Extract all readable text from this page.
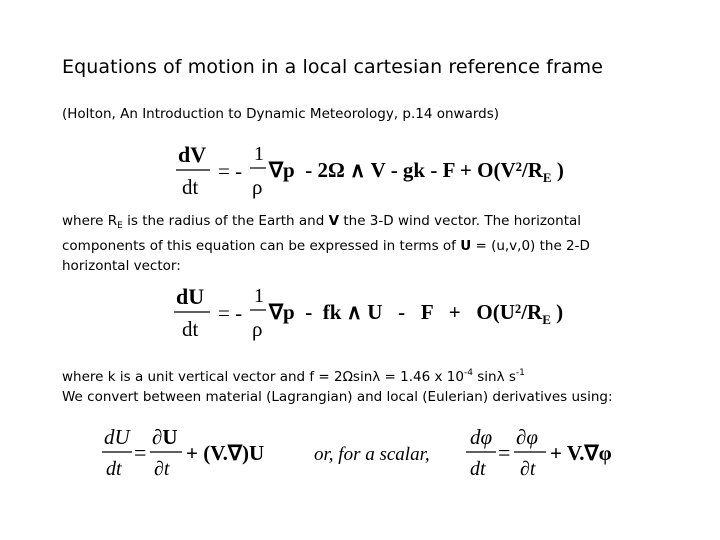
Equations of motion in a local cartesian reference frame
(Holton, An Introduction to Dynamic Meteorology, p.14 onwards)
dV
dt
= -
1
ρ
∇p  - 2Ω ∧ V - gk - $F + O(V^2/R_E$ )
where $R_E$ is the radius of the Earth and V the 3-D wind vector. The horizontal
components of this equation can be expressed in terms of U = (u,v,0) the 2-D
horizontal vector:
dU
dt
= -
1
ρ
∇p  -  fk ∧ $U - F + O(U^2/R_E$ )
where k is a unit vertical vector and f = 2Ωsinλ = 1.46 x $10^{-4}$ sinλ $s^{-1}$
We convert between material (Lagrangian) and local (Eulerian) derivatives using:
dU
dt
=
∂U
∂t
+ (V.∇)U	or, for a scalar,
dφ
dt
=
∂φ
∂t
+ V.∇φ
